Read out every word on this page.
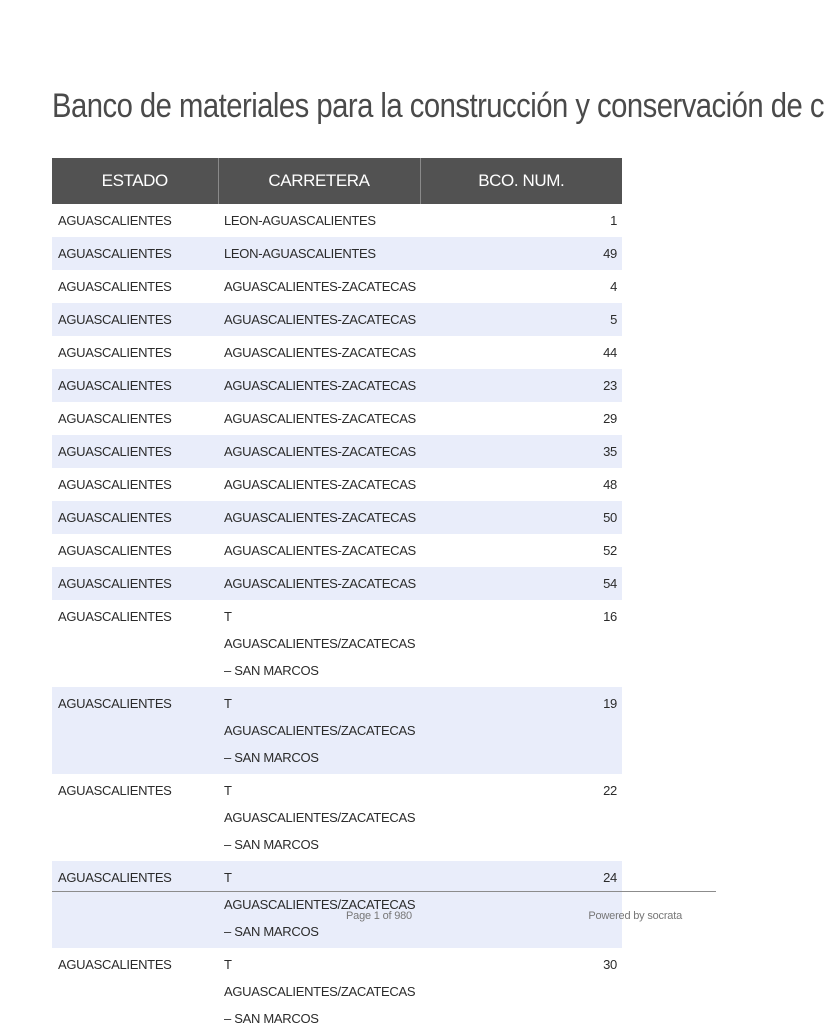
Banco de materiales para la construcción y conservación de c
ESTADO	CARRETERA	BCO. NUM.
AGUASCALIENTES	LEON-AGUASCALIENTES	1
AGUASCALIENTES	LEON-AGUASCALIENTES	49
AGUASCALIENTES	AGUASCALIENTES-ZACATECAS	4
AGUASCALIENTES	AGUASCALIENTES-ZACATECAS	5
AGUASCALIENTES	AGUASCALIENTES-ZACATECAS	44
AGUASCALIENTES	AGUASCALIENTES-ZACATECAS	23
AGUASCALIENTES	AGUASCALIENTES-ZACATECAS	29
AGUASCALIENTES	AGUASCALIENTES-ZACATECAS	35
AGUASCALIENTES	AGUASCALIENTES-ZACATECAS	48
AGUASCALIENTES	AGUASCALIENTES-ZACATECAS	50
AGUASCALIENTES	AGUASCALIENTES-ZACATECAS	52
AGUASCALIENTES	AGUASCALIENTES-ZACATECAS	54
AGUASCALIENTES	T AGUASCALIENTES/ZACATECAS – SAN MARCOS	16
AGUASCALIENTES	T AGUASCALIENTES/ZACATECAS – SAN MARCOS	19
AGUASCALIENTES	T AGUASCALIENTES/ZACATECAS – SAN MARCOS	22
AGUASCALIENTES	T AGUASCALIENTES/ZACATECAS – SAN MARCOS	24
AGUASCALIENTES	T AGUASCALIENTES/ZACATECAS – SAN MARCOS	30
Page 1 of 980	Powered by socrata
